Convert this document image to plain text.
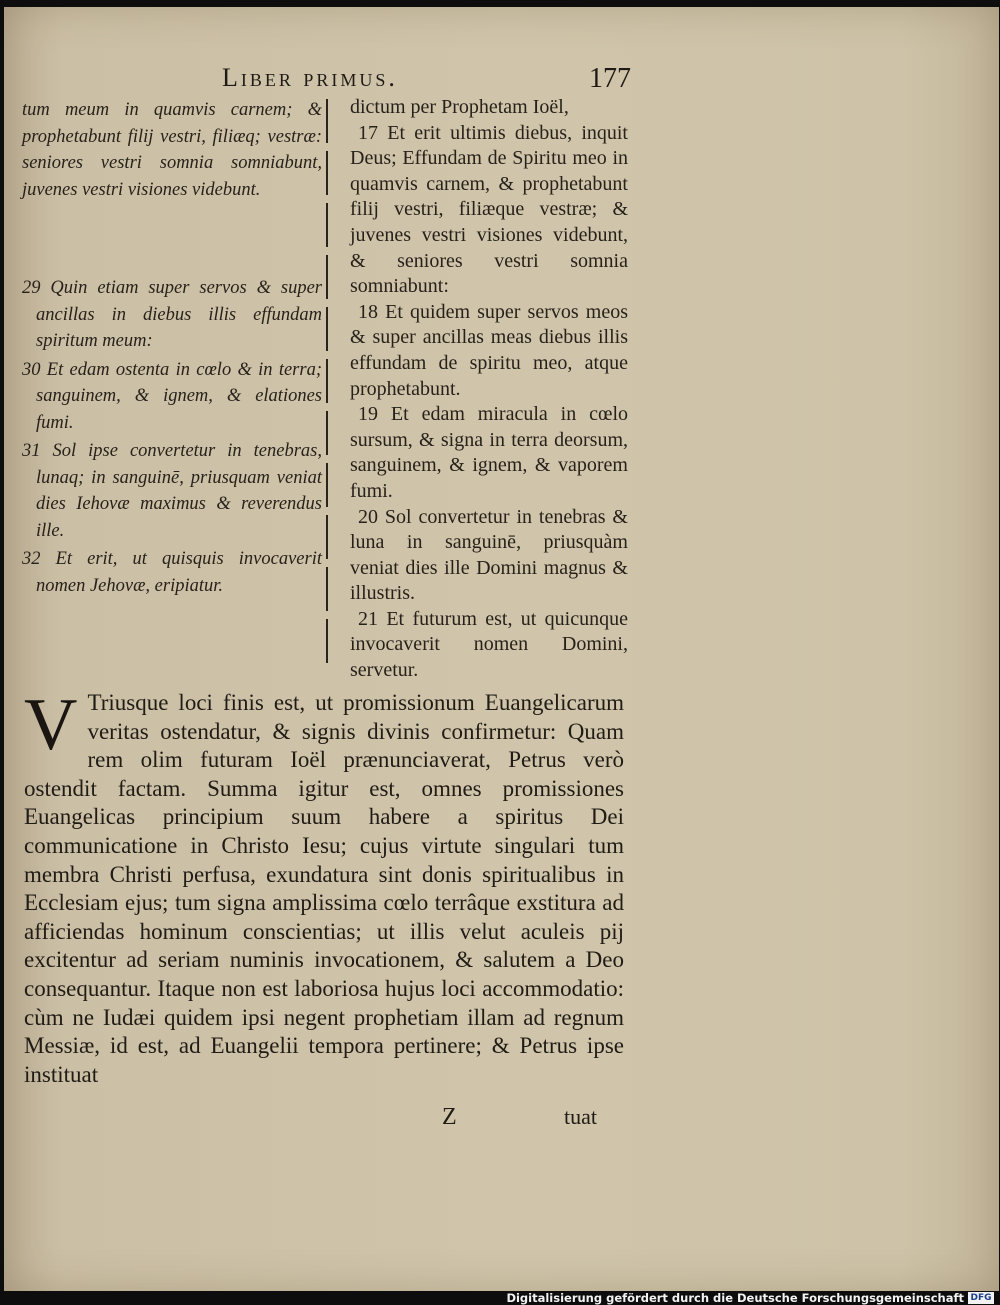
Liber primus.	177

tum meum in quamvis carnem; & prophetabunt filij vestri, filiæq; vestræ: seniores vestri somnia somniabunt, juvenes vestri visiones videbunt.

29 Quin etiam super servos & super ancillas in diebus illis effundam spiritum meum:

30 Et edam ostenta in cœlo & in terra; sanguinem, & ignem, & elationes fumi.

31 Sol ipse convertetur in tenebras, lunaq; in sanguinē, priusquam veniat dies Iehovæ maximus & reverendus ille.

32 Et erit, ut quisquis invocaverit nomen Jehovæ, eripiatur.

dictum per Prophetam Ioël,

17 Et erit ultimis diebus, inquit Deus; Effundam de Spiritu meo in quamvis carnem, & prophetabunt filij vestri, filiæque vestræ; & juvenes vestri visiones videbunt, & seniores vestri somnia somniabunt:

18 Et quidem super servos meos & super ancillas meas diebus illis effundam de spiritu meo, atque prophetabunt.

19 Et edam miracula in cœlo sursum, & signa in terra deorsum, sanguinem, & ignem, & vaporem fumi.

20 Sol convertetur in tenebras & luna in sanguinē, priusquàm veniat dies ille Domini magnus & illustris.

21 Et futurum est, ut quicunque invocaverit nomen Domini, servetur.

V Triusque loci finis est, ut promissionum Euangelicarum veritas ostendatur, & signis divinis confirmetur: Quam rem olim futuram Ioël prænunciaverat, Petrus verò ostendit factam. Summa igitur est, omnes promissiones Euangelicas principium suum habere a spiritus Dei communicatione in Christo Iesu; cujus virtute singulari tum membra Christi perfusa, exundatura sint donis spiritualibus in Ecclesiam ejus; tum signa amplissima cœlo terrâque exstitura ad afficiendas hominum conscientias; ut illis velut aculeis pij excitentur ad seriam numinis invocationem, & salutem a Deo consequantur. Itaque non est laboriosa hujus loci accommodatio: cùm ne Iudæi quidem ipsi negent prophetiam illam ad regnum Messiæ, id est, ad Euangelii tempora pertinere; & Petrus ipse instituat
Z	tuat
Digitalisierung gefördert durch die Deutsche Forschungsgemeinschaft DFG
